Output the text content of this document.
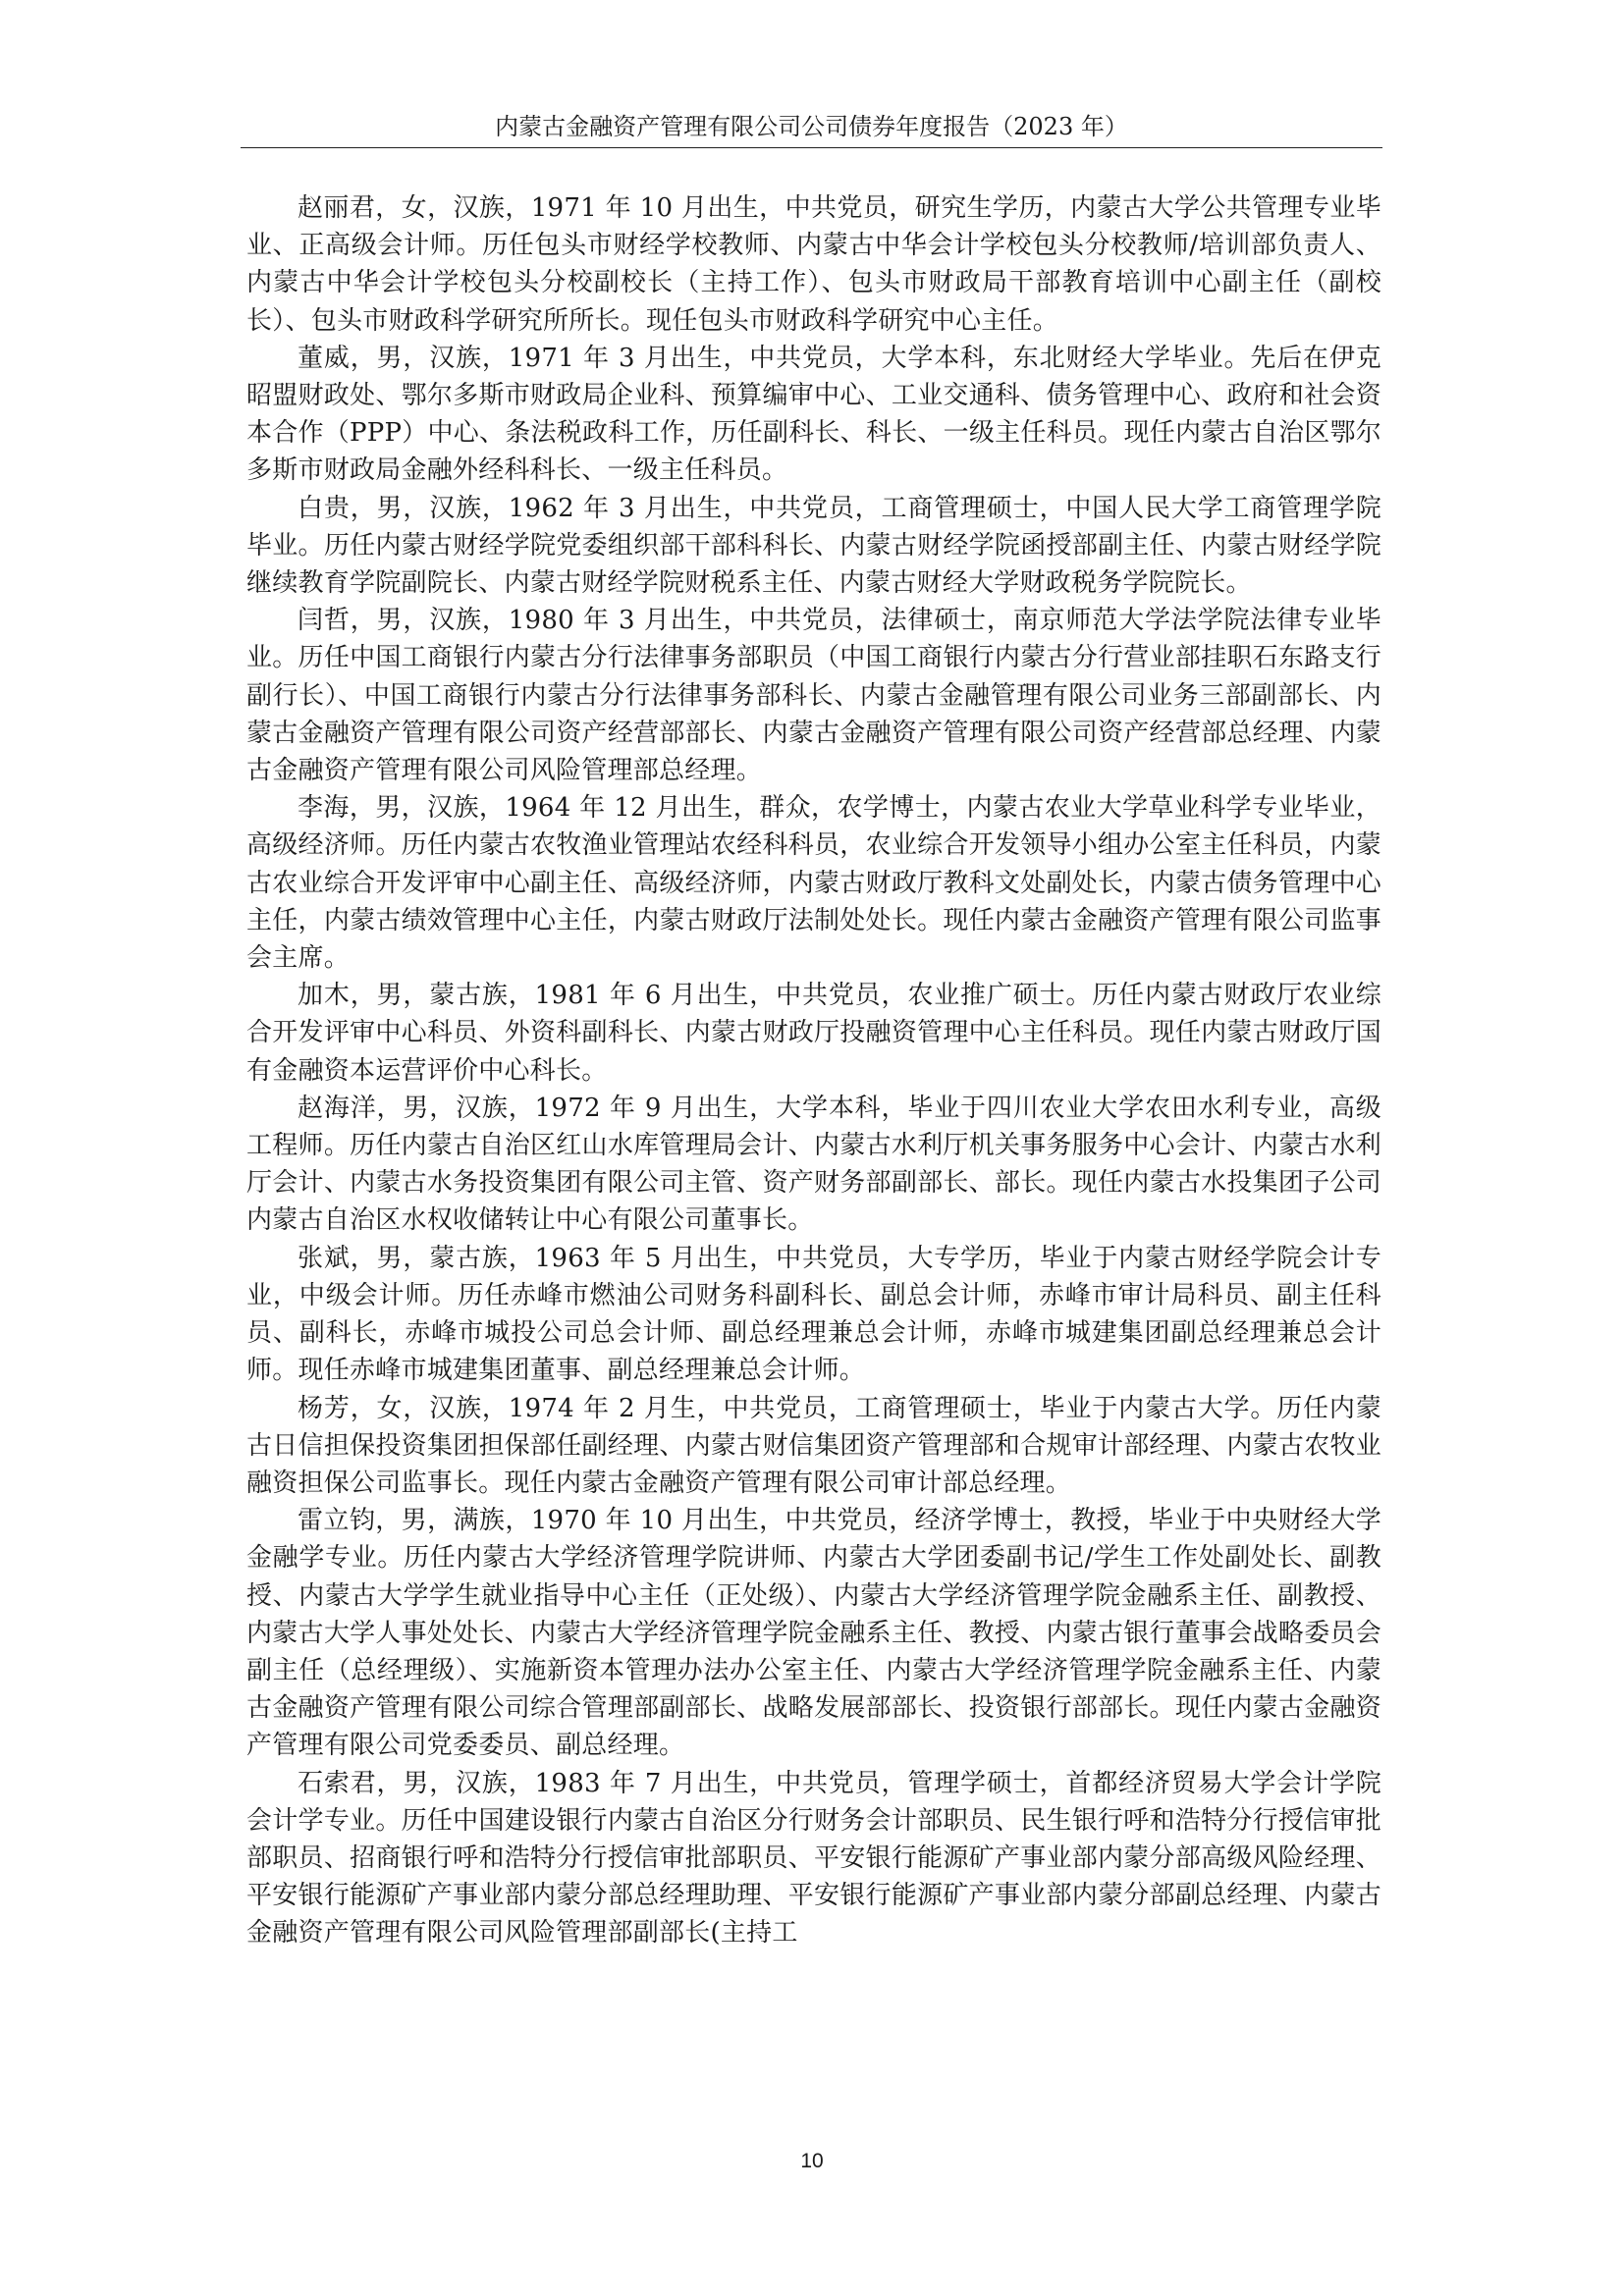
内蒙古金融资产管理有限公司公司债券年度报告（2023 年）

赵丽君，女，汉族，1971 年 10 月出生，中共党员，研究生学历，内蒙古大学公共管理专业毕业、正高级会计师。历任包头市财经学校教师、内蒙古中华会计学校包头分校教师/培训部负责人、内蒙古中华会计学校包头分校副校长（主持工作）、包头市财政局干部教育培训中心副主任（副校长）、包头市财政科学研究所所长。现任包头市财政科学研究中心主任。

董威，男，汉族，1971 年 3 月出生，中共党员，大学本科，东北财经大学毕业。先后在伊克昭盟财政处、鄂尔多斯市财政局企业科、预算编审中心、工业交通科、债务管理中心、政府和社会资本合作（PPP）中心、条法税政科工作，历任副科长、科长、一级主任科员。现任内蒙古自治区鄂尔多斯市财政局金融外经科科长、一级主任科员。

白贵，男，汉族，1962 年 3 月出生，中共党员，工商管理硕士，中国人民大学工商管理学院毕业。历任内蒙古财经学院党委组织部干部科科长、内蒙古财经学院函授部副主任、内蒙古财经学院继续教育学院副院长、内蒙古财经学院财税系主任、内蒙古财经大学财政税务学院院长。

闫哲，男，汉族，1980 年 3 月出生，中共党员，法律硕士，南京师范大学法学院法律专业毕业。历任中国工商银行内蒙古分行法律事务部职员（中国工商银行内蒙古分行营业部挂职石东路支行副行长）、中国工商银行内蒙古分行法律事务部科长、内蒙古金融管理有限公司业务三部副部长、内蒙古金融资产管理有限公司资产经营部部长、内蒙古金融资产管理有限公司资产经营部总经理、内蒙古金融资产管理有限公司风险管理部总经理。

李海，男，汉族，1964 年 12 月出生，群众，农学博士，内蒙古农业大学草业科学专业毕业，高级经济师。历任内蒙古农牧渔业管理站农经科科员，农业综合开发领导小组办公室主任科员，内蒙古农业综合开发评审中心副主任、高级经济师，内蒙古财政厅教科文处副处长，内蒙古债务管理中心主任，内蒙古绩效管理中心主任，内蒙古财政厅法制处处长。现任内蒙古金融资产管理有限公司监事会主席。

加木，男，蒙古族，1981 年 6 月出生，中共党员，农业推广硕士。历任内蒙古财政厅农业综合开发评审中心科员、外资科副科长、内蒙古财政厅投融资管理中心主任科员。现任内蒙古财政厅国有金融资本运营评价中心科长。

赵海洋，男，汉族，1972 年 9 月出生，大学本科，毕业于四川农业大学农田水利专业，高级工程师。历任内蒙古自治区红山水库管理局会计、内蒙古水利厅机关事务服务中心会计、内蒙古水利厅会计、内蒙古水务投资集团有限公司主管、资产财务部副部长、部长。现任内蒙古水投集团子公司内蒙古自治区水权收储转让中心有限公司董事长。

张斌，男，蒙古族，1963 年 5 月出生，中共党员，大专学历，毕业于内蒙古财经学院会计专业，中级会计师。历任赤峰市燃油公司财务科副科长、副总会计师，赤峰市审计局科员、副主任科员、副科长，赤峰市城投公司总会计师、副总经理兼总会计师，赤峰市城建集团副总经理兼总会计师。现任赤峰市城建集团董事、副总经理兼总会计师。

杨芳，女，汉族，1974 年 2 月生，中共党员，工商管理硕士，毕业于内蒙古大学。历任内蒙古日信担保投资集团担保部任副经理、内蒙古财信集团资产管理部和合规审计部经理、内蒙古农牧业融资担保公司监事长。现任内蒙古金融资产管理有限公司审计部总经理。

雷立钧，男，满族，1970 年 10 月出生，中共党员，经济学博士，教授，毕业于中央财经大学金融学专业。历任内蒙古大学经济管理学院讲师、内蒙古大学团委副书记/学生工作处副处长、副教授、内蒙古大学学生就业指导中心主任（正处级）、内蒙古大学经济管理学院金融系主任、副教授、内蒙古大学人事处处长、内蒙古大学经济管理学院金融系主任、教授、内蒙古银行董事会战略委员会副主任（总经理级）、实施新资本管理办法办公室主任、内蒙古大学经济管理学院金融系主任、内蒙古金融资产管理有限公司综合管理部副部长、战略发展部部长、投资银行部部长。现任内蒙古金融资产管理有限公司党委委员、副总经理。

石索君，男，汉族，1983 年 7 月出生，中共党员，管理学硕士，首都经济贸易大学会计学院会计学专业。历任中国建设银行内蒙古自治区分行财务会计部职员、民生银行呼和浩特分行授信审批部职员、招商银行呼和浩特分行授信审批部职员、平安银行能源矿产事业部内蒙分部高级风险经理、平安银行能源矿产事业部内蒙分部总经理助理、平安银行能源矿产事业部内蒙分部副总经理、内蒙古金融资产管理有限公司风险管理部副部长(主持工

10
